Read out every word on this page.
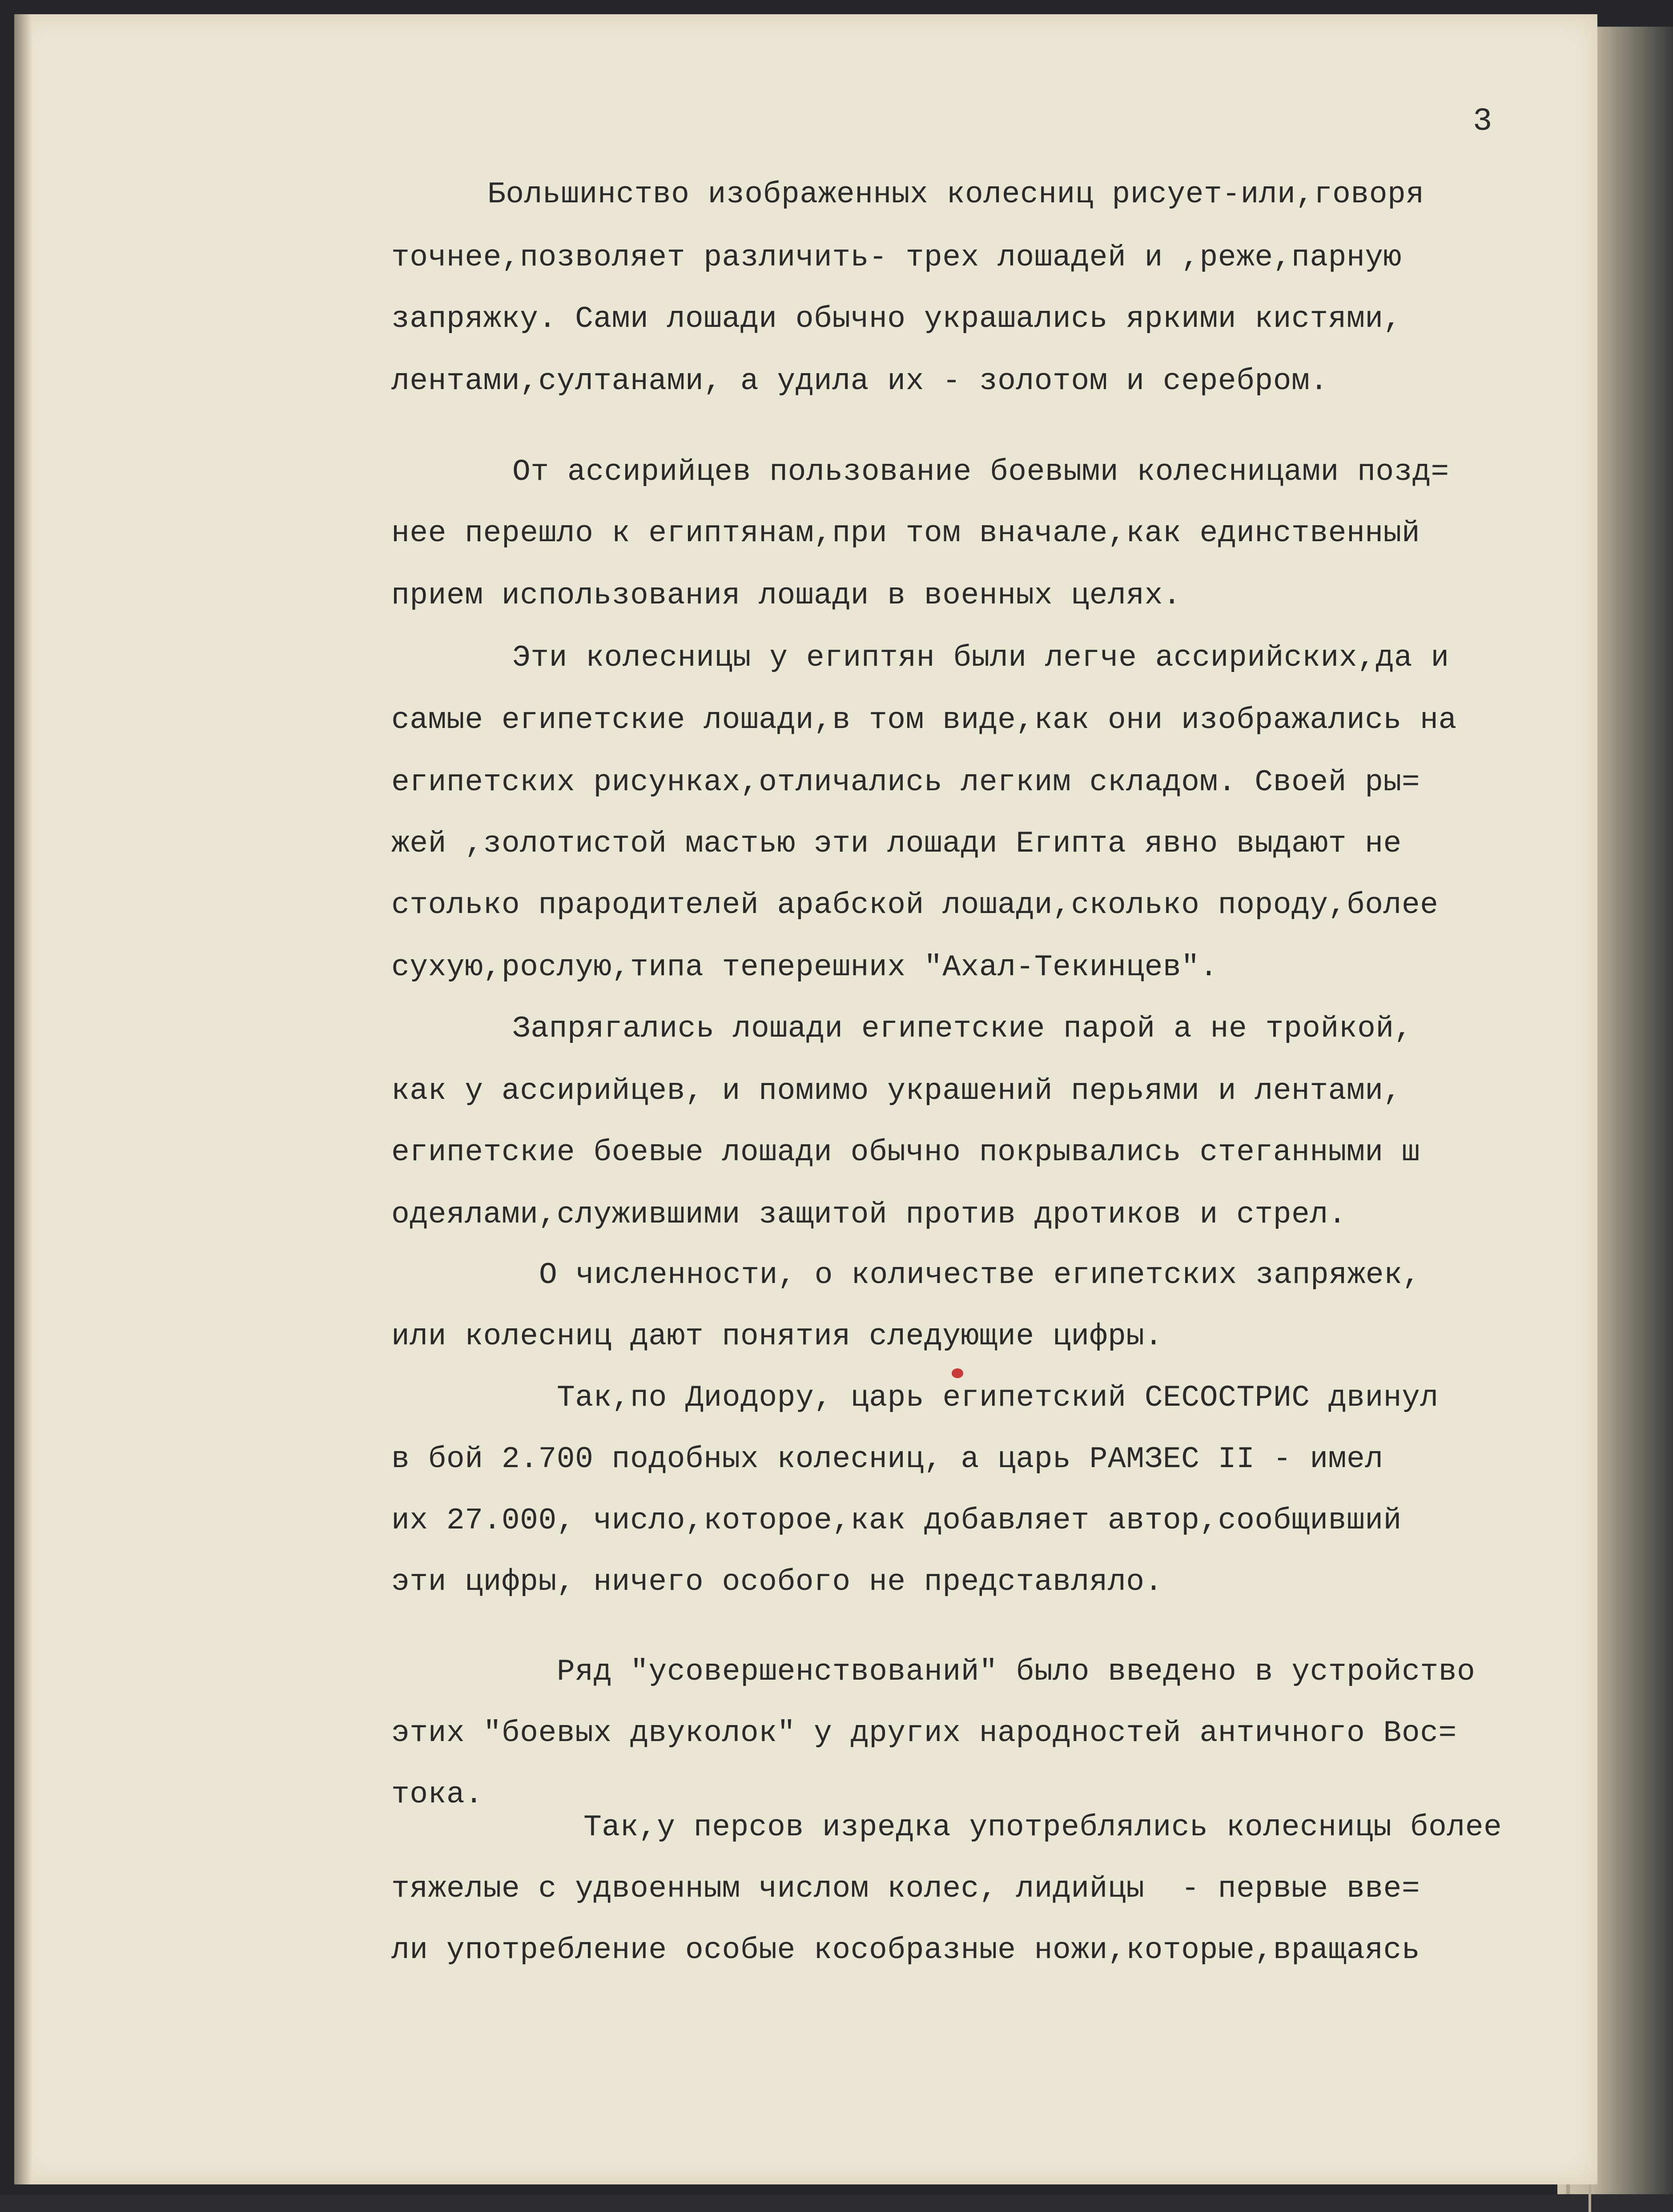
3
Большинство изображенных колесниц рисует-или,говоря
точнее,позволяет различить- трех лошадей и ,реже,парную
запряжку. Сами лошади обычно украшались яркими кистями,
лентами,султанами, а удила их - золотом и серебром.
От ассирийцев пользование боевыми колесницами позд=
нее перешло к египтянам,при том вначале,как единственный
прием использования лошади в военных целях.
Эти колесницы у египтян были легче ассирийских,да и
самые египетские лошади,в том виде,как они изображались на
египетских рисунках,отличались легким складом. Своей ры=
жей ,золотистой мастью эти лошади Египта явно выдают не
столько прародителей арабской лошади,сколько породу,более
сухую,рослую,типа теперешних "Ахал-Текинцев".
Запрягались лошади египетские парой а не тройкой,
как у ассирийцев, и помимо украшений перьями и лентами,
египетские боевые лошади обычно покрывались стеганными ш
одеялами,служившими защитой против дротиков и стрел.
О численности, о количестве египетских запряжек,
или колесниц дают понятия следующие цифры.
Так,по Диодору, царь египетский СЕСОСТРИС двинул
в бой 2.700 подобных колесниц, а царь РАМЗЕС II - имел
их 27.000, число,которое,как добавляет автор,сообщивший
эти цифры, ничего особого не представляло.
Ряд "усовершенствований" было введено в устройство
этих "боевых двуколок" у других народностей античного Вос=
тока.
Так,у персов изредка употреблялись колесницы более
тяжелые с удвоенным числом колес, лидийцы  - первые вве=
ли употребление особые кособразные ножи,которые,вращаясь
